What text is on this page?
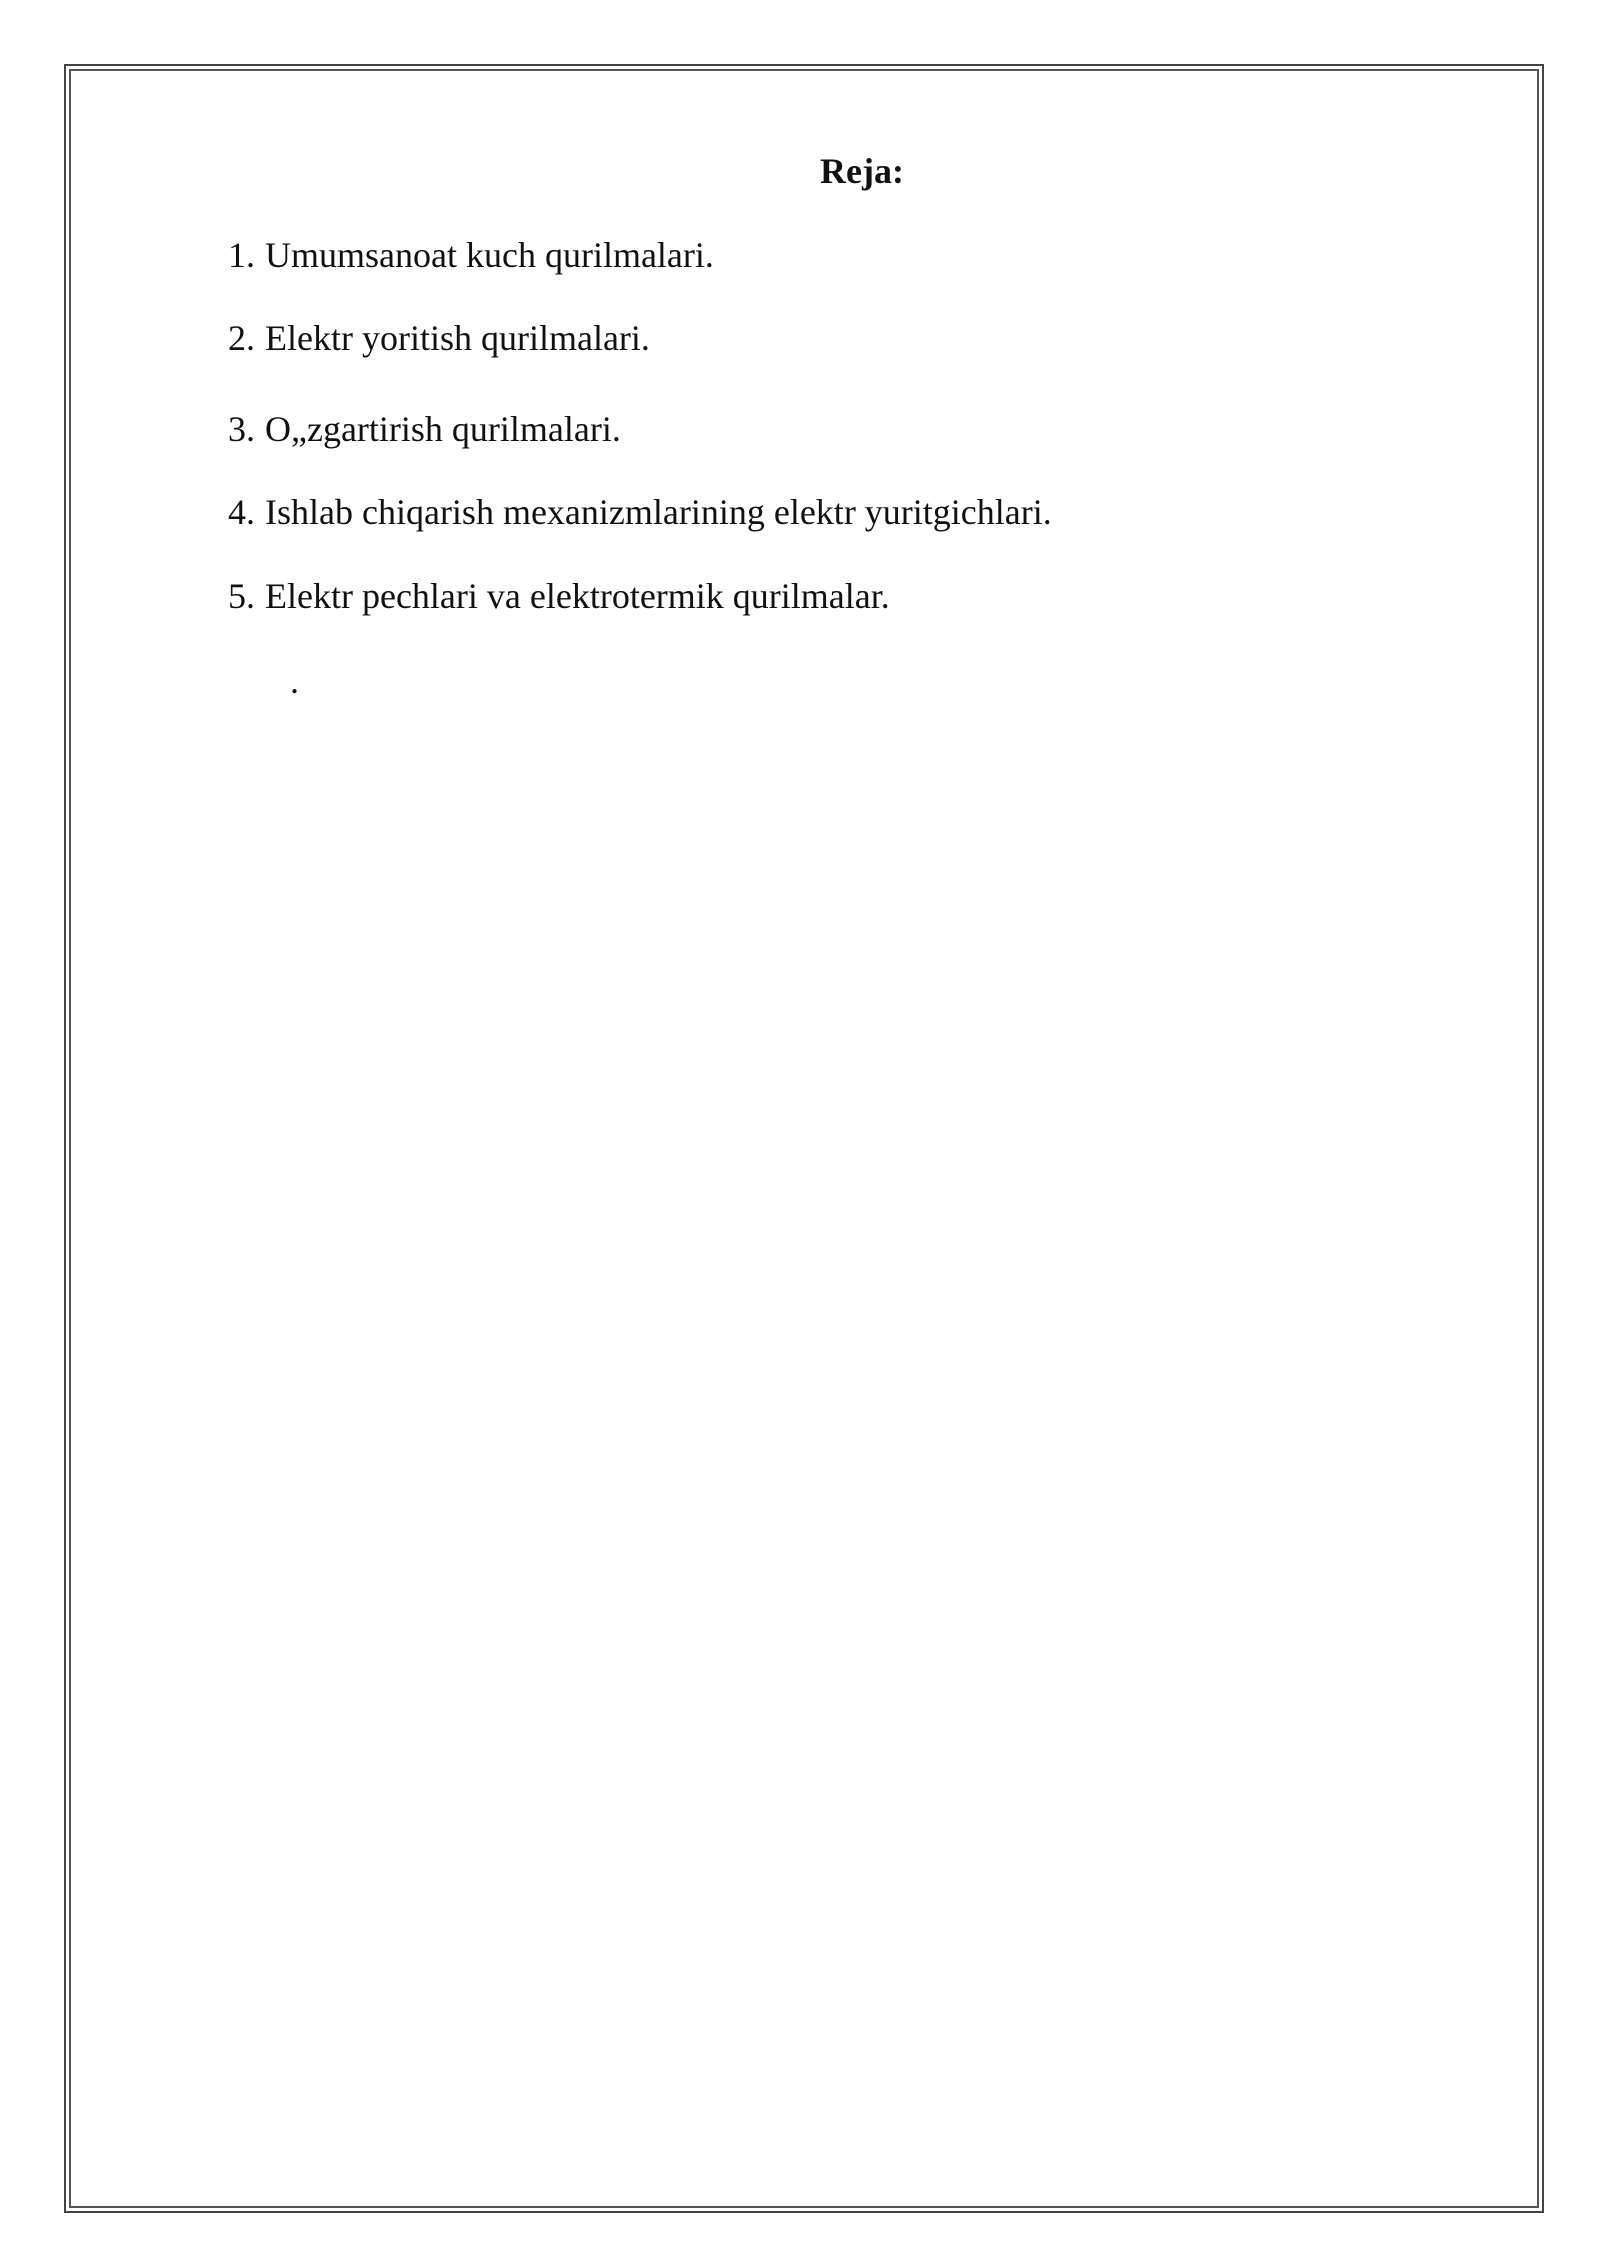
Reja:
1. Umumsanoat kuch qurilmalari.
2. Elektr yoritish qurilmalari.
3. O„zgartirish qurilmalari.
4. Ishlab chiqarish mexanizmlarining elektr yuritgichlari.
5. Elektr pechlari va elektrotermik qurilmalar.
.
